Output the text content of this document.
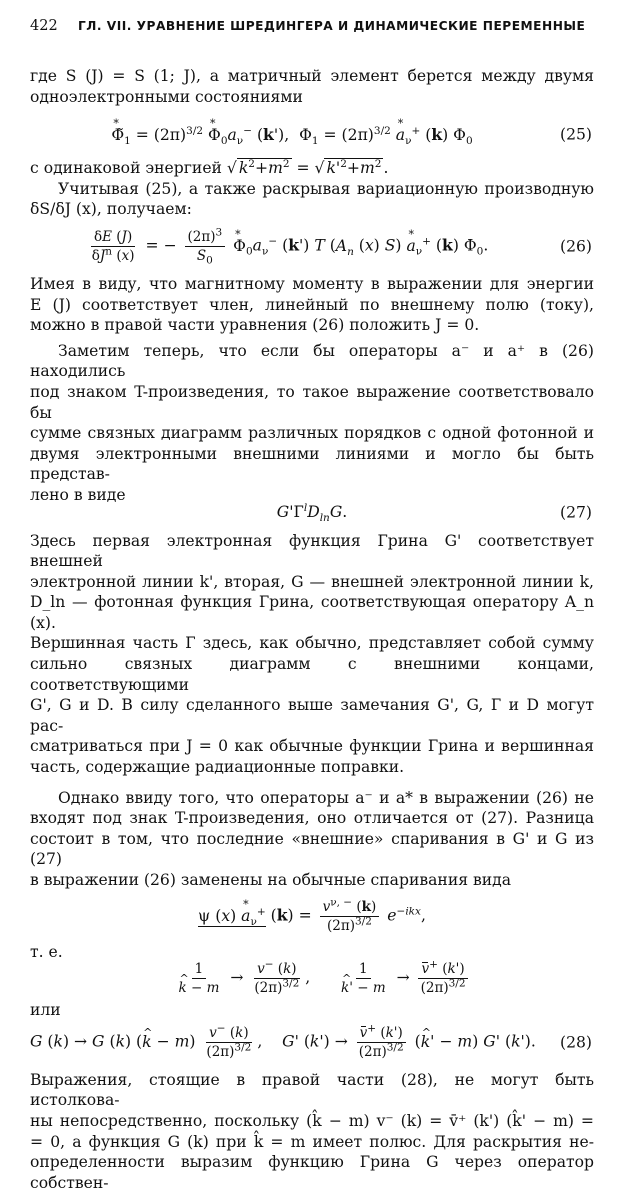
422 ГЛ. VII. УРАВНЕНИЕ ШРЕДИНГЕРА И ДИНАМИЧЕСКИЕ ПЕРЕМЕННЫЕ

где S (J) = S (1; J), а матричный элемент берется между двумя

одноэлектронными состояниями

* $\Phĩ_1 = (2\pi)^{3/2} * \Phi_0a_\nu^-$ (k'),  $\Phi_1 = (2\pi)^{3/2} * a_\nu^+$ (k) $\Phi_0$	(25)

с одинаковой энергией √ $k^2+m^2$ = √ $k'^2+m^2$ .

Учитывая (25), а также раскрывая вариационную производную

δS/δJ (x), получаем:

$\frac{\delta E (J)}{\delta J^n (x)}$ = − $\frac{(2\pi)^3}{S_0}$
* $\Phi_0a_\nu^-$ (k') T ($A_n$ (x) $S) * a_\nu^+$ (k) $\Phi_0$.	(26)

Имея в виду, что магнитному моменту в выражении для энергии

E (J) соответствует член, линейный по внешнему полю (току),

можно в правой части уравнения (26) положить J = 0.

Заметим теперь, что если бы операторы a⁻ и a⁺ в (26) находились

под знаком T-произведения, то такое выражение соответствовало бы

сумме связных диаграмм различных порядков с одной фотонной и

двумя электронными внешними линиями и могло бы быть представ-

лено в виде

$G'Г^lD_{ln}G$.	(27)

Здесь первая электронная функция Грина G' соответствует внешней

электронной линии k', вторая, G — внешней электронной линии k,

D_ln — фотонная функция Грина, соответствующая оператору A_n (x).

Вершинная часть Г здесь, как обычно, представляет собой сумму

сильно связных диаграмм с внешними концами, соответствующими

G', G и D. В силу сделанного выше замечания G', G, Г и D могут рас-

сматриваться при J = 0 как обычные функции Грина и вершинная

часть, содержащие радиационные поправки.

Однако ввиду того, что операторы a⁻ и a* в выражении (26) не

входят под знак T-произведения, оно отличается от (27). Разница

состоит в том, что последние «внешние» спаривания в G' и G из (27)

в выражении (26) заменены на обычные спаривания вида

ψ $(x) * a_\nu^+$ $(k) = \frac{v^{\nu, -} (k)}{(2\pi)^{3/2}} e^{-ikx}$,

т. е.

1
^ $k - m \to \frac{v^- (k)}{(2\pi)^{3/2}}$ , 1
^ $k' - m \to \frac{v^+ (k')}{(2\pi)^{3/2}}$

или

G (k) → G (k) (^ $k - m) \frac{v^- (k)}{(2\pi)^{3/2}}$ ,    G' $(k') \to \frac{v^+ (k')}{(2\pi)^{3/2}}$ (^ k' − m) G' (k'). (28)

Выражения, стоящие в правой части (28), не могут быть истолкова-

ны непосредственно, поскольку (k̂ − m) v⁻ (k) = v̄⁺ (k') (k̂' − m) =

= 0, а функция G (k) при k̂ = m имеет полюс. Для раскрытия не-

определенности выразим функцию Грина G через оператор собствен-
